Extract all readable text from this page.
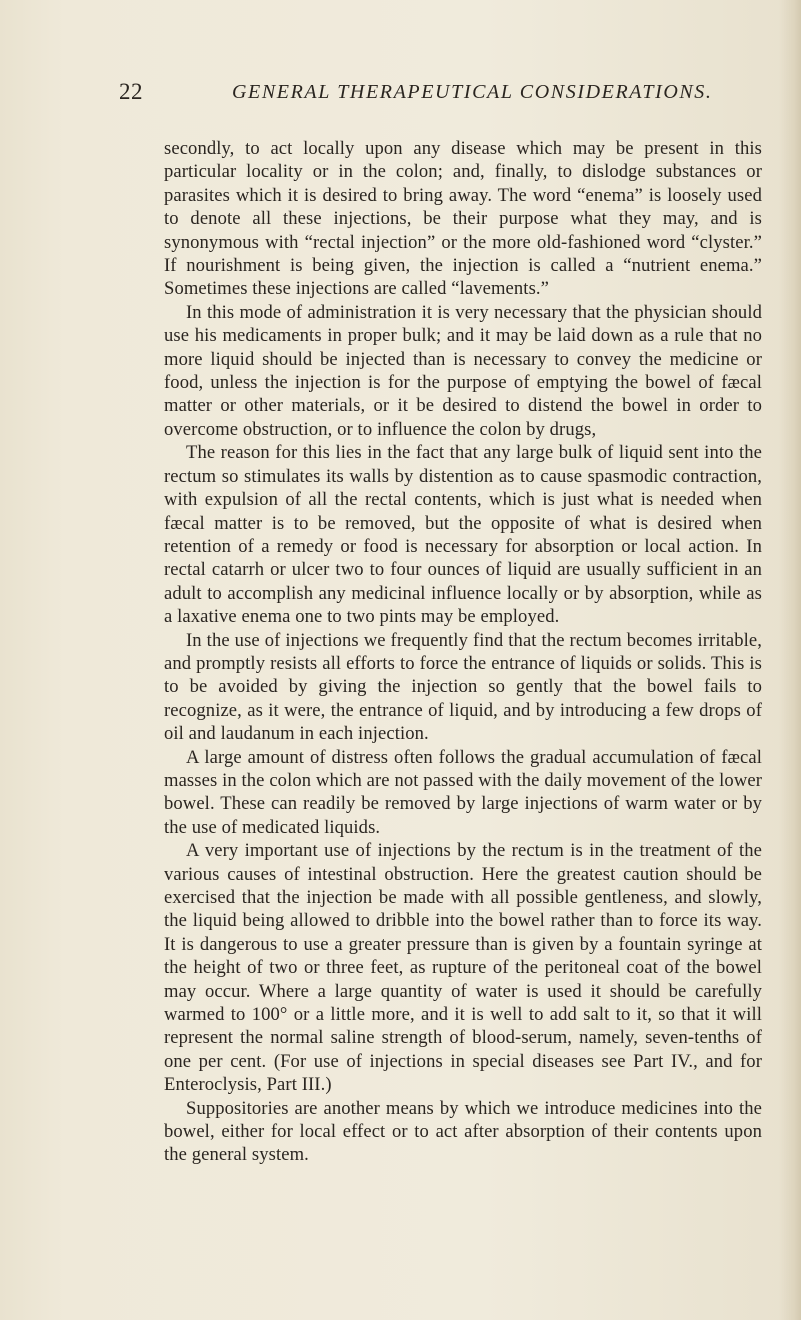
22	GENERAL THERAPEUTICAL CONSIDERATIONS.

secondly, to act locally upon any disease which may be present in this particular locality or in the colon; and, finally, to dislodge substances or parasites which it is desired to bring away. The word “enema” is loosely used to denote all these injections, be their purpose what they may, and is synonymous with “rectal injection” or the more old-fashioned word “clyster.” If nourishment is being given, the injection is called a “nutrient enema.” Sometimes these injections are called “lavements.”

In this mode of administration it is very necessary that the physician should use his medicaments in proper bulk; and it may be laid down as a rule that no more liquid should be injected than is necessary to convey the medicine or food, unless the injection is for the purpose of emptying the bowel of fæcal matter or other materials, or it be desired to distend the bowel in order to overcome obstruction, or to influence the colon by drugs,

The reason for this lies in the fact that any large bulk of liquid sent into the rectum so stimulates its walls by distention as to cause spasmodic contraction, with expulsion of all the rectal contents, which is just what is needed when fæcal matter is to be removed, but the opposite of what is desired when retention of a remedy or food is necessary for absorption or local action. In rectal catarrh or ulcer two to four ounces of liquid are usually sufficient in an adult to accomplish any medicinal influence locally or by absorption, while as a laxative enema one to two pints may be employed.

In the use of injections we frequently find that the rectum becomes irritable, and promptly resists all efforts to force the entrance of liquids or solids. This is to be avoided by giving the injection so gently that the bowel fails to recognize, as it were, the entrance of liquid, and by introducing a few drops of oil and laudanum in each injection.

A large amount of distress often follows the gradual accumulation of fæcal masses in the colon which are not passed with the daily movement of the lower bowel. These can readily be removed by large injections of warm water or by the use of medicated liquids.

A very important use of injections by the rectum is in the treatment of the various causes of intestinal obstruction. Here the greatest caution should be exercised that the injection be made with all possible gentleness, and slowly, the liquid being allowed to dribble into the bowel rather than to force its way. It is dangerous to use a greater pressure than is given by a fountain syringe at the height of two or three feet, as rupture of the peritoneal coat of the bowel may occur. Where a large quantity of water is used it should be carefully warmed to 100° or a little more, and it is well to add salt to it, so that it will represent the normal saline strength of blood-serum, namely, seven-tenths of one per cent. (For use of injections in special diseases see Part IV., and for Enteroclysis, Part III.)

Suppositories are another means by which we introduce medicines into the bowel, either for local effect or to act after absorption of their contents upon the general system.
